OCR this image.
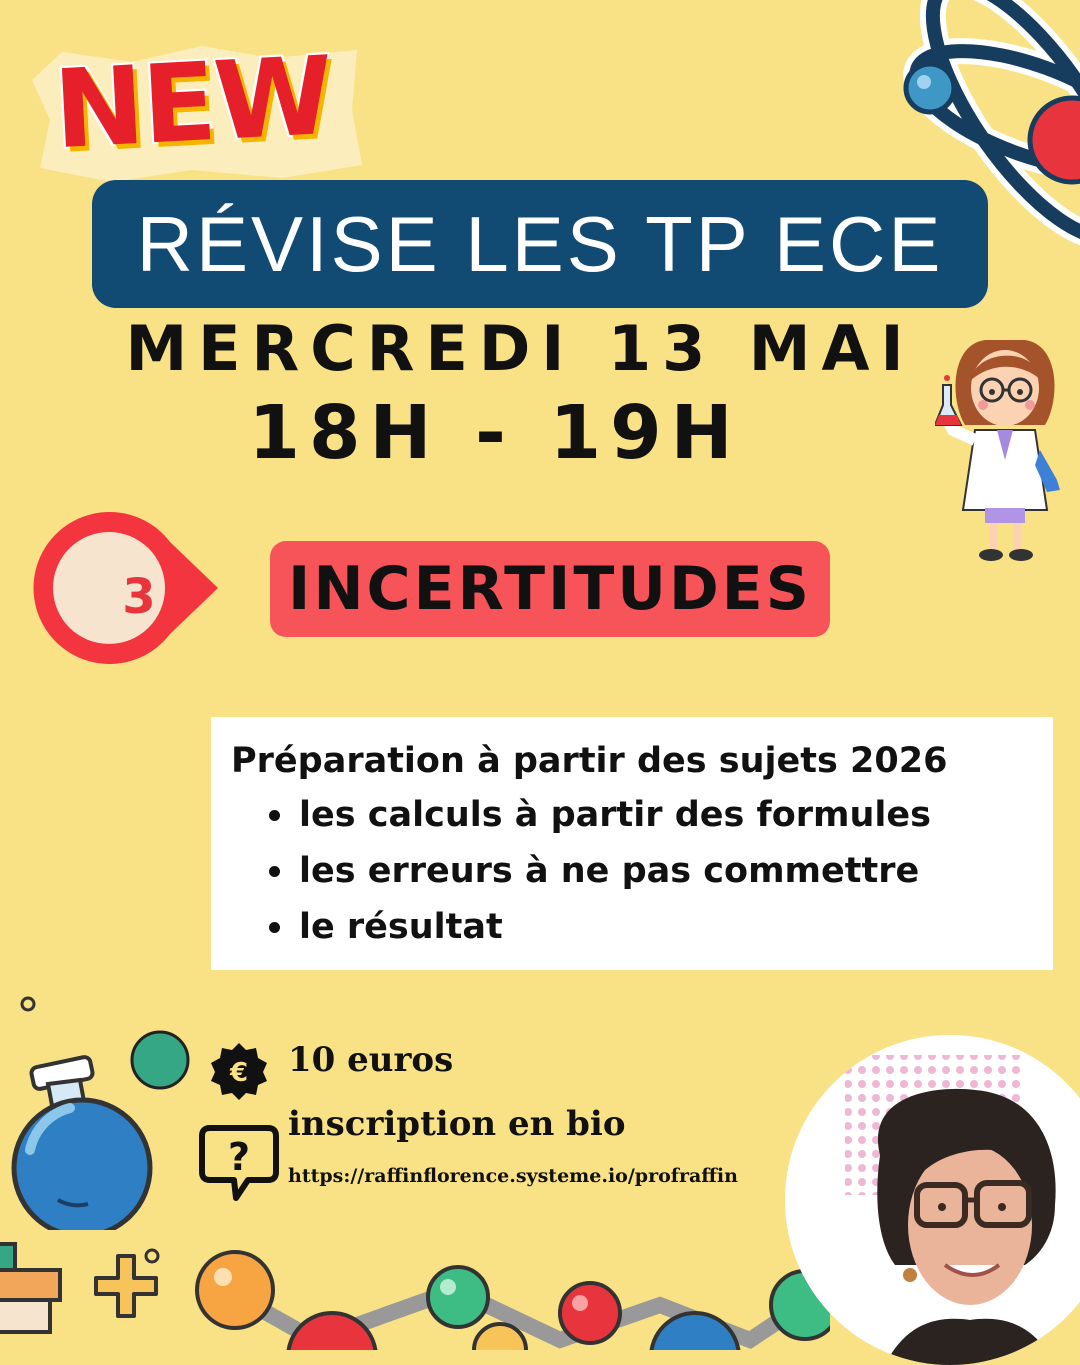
NEW
RÉVISE LES TP ECE
MERCREDI 13 MAI
18H - 19H
3	INCERTITUDES
Préparation à partir des sujets 2026
les calculs à partir des formules
les erreurs à ne pas commettre
le résultat
€ 10 euros
?
inscription en bio
https://raffinflorence.systeme.io/profraffin
